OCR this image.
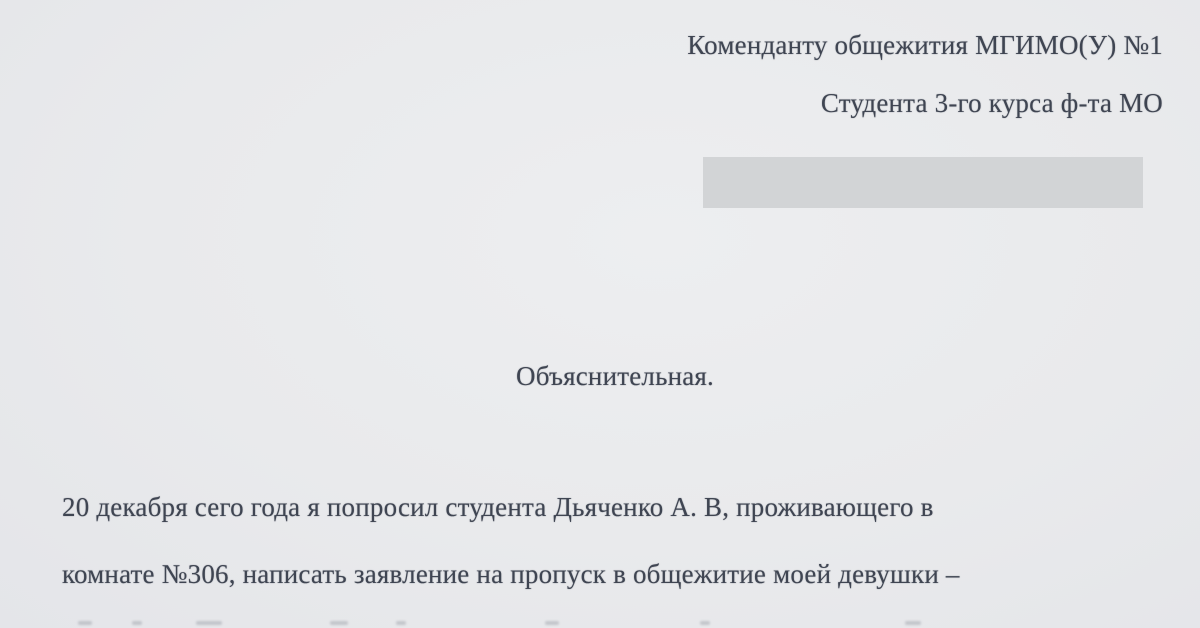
Коменданту общежития МГИМО(У) №1
Студента 3-го курса ф-та МО
Объяснительная.
20 декабря сего года я попросил студента Дьяченко А. В, проживающего в
комнате №306, написать заявление на пропуск в общежитие моей девушки –
